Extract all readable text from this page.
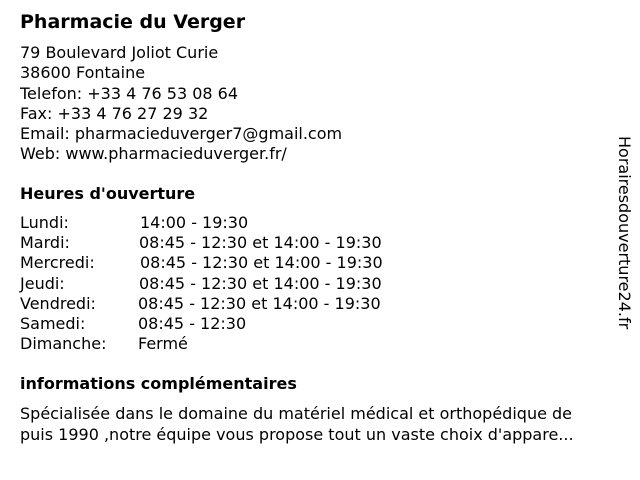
Pharmacie du Verger
79 Boulevard Joliot Curie
38600 Fontaine
Telefon: +33 4 76 53 08 64
Fax: +33 4 76 27 29 32
Email: pharmacieduverger7@gmail.com
Web: www.pharmacieduverger.fr/
Heures d'ouverture
Lundi:	14:00 - 19:30
Mardi:	08:45 - 12:30 et 14:00 - 19:30
Mercredi:	08:45 - 12:30 et 14:00 - 19:30
Jeudi:	08:45 - 12:30 et 14:00 - 19:30
Vendredi:	08:45 - 12:30 et 14:00 - 19:30
Samedi:	08:45 - 12:30
Dimanche: Fermé
informations complémentaires
Spécialisée dans le domaine du matériel médical et orthopédique de
puis 1990 ,notre équipe vous propose tout un vaste choix d'appare...
Horairesdouverture24.fr
